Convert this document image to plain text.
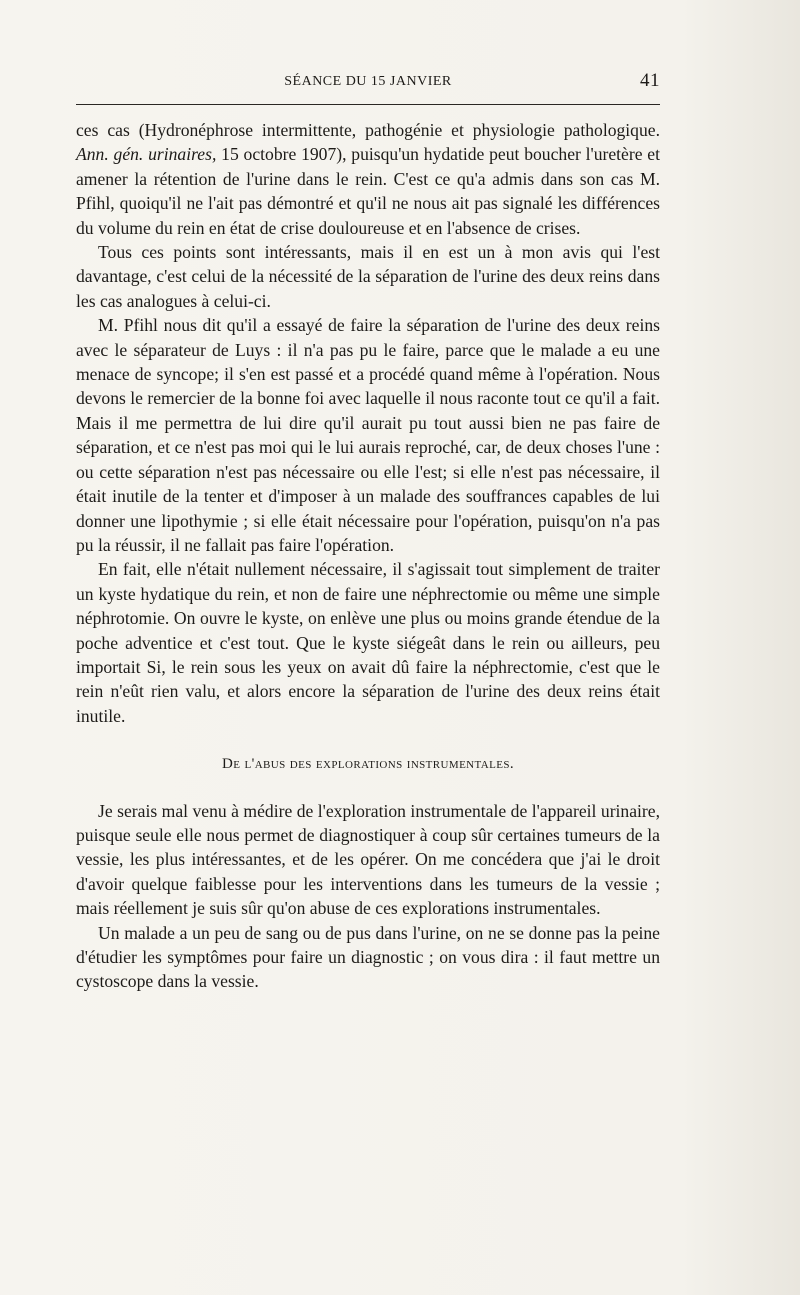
SÉANCE DU 15 JANVIER	41

ces cas (Hydronéphrose intermittente, pathogénie et physiologie pathologique. Ann. gén. urinaires, 15 octobre 1907), puisqu'un hydatide peut boucher l'uretère et amener la rétention de l'urine dans le rein. C'est ce qu'a admis dans son cas M. Pfihl, quoiqu'il ne l'ait pas démontré et qu'il ne nous ait pas signalé les différences du volume du rein en état de crise douloureuse et en l'absence de crises.

Tous ces points sont intéressants, mais il en est un à mon avis qui l'est davantage, c'est celui de la nécessité de la séparation de l'urine des deux reins dans les cas analogues à celui-ci.

M. Pfihl nous dit qu'il a essayé de faire la séparation de l'urine des deux reins avec le séparateur de Luys : il n'a pas pu le faire, parce que le malade a eu une menace de syncope; il s'en est passé et a procédé quand même à l'opération. Nous devons le remercier de la bonne foi avec laquelle il nous raconte tout ce qu'il a fait. Mais il me permettra de lui dire qu'il aurait pu tout aussi bien ne pas faire de séparation, et ce n'est pas moi qui le lui aurais reproché, car, de deux choses l'une : ou cette séparation n'est pas nécessaire ou elle l'est; si elle n'est pas nécessaire, il était inutile de la tenter et d'imposer à un malade des souffrances capables de lui donner une lipothymie ; si elle était nécessaire pour l'opération, puisqu'on n'a pas pu la réussir, il ne fallait pas faire l'opération.

En fait, elle n'était nullement nécessaire, il s'agissait tout simplement de traiter un kyste hydatique du rein, et non de faire une néphrectomie ou même une simple néphrotomie. On ouvre le kyste, on enlève une plus ou moins grande étendue de la poche adventice et c'est tout. Que le kyste siégeât dans le rein ou ailleurs, peu importait Si, le rein sous les yeux on avait dû faire la néphrectomie, c'est que le rein n'eût rien valu, et alors encore la séparation de l'urine des deux reins était inutile.

De l'abus des explorations instrumentales.

Je serais mal venu à médire de l'exploration instrumentale de l'appareil urinaire, puisque seule elle nous permet de diagnostiquer à coup sûr certaines tumeurs de la vessie, les plus intéressantes, et de les opérer. On me concédera que j'ai le droit d'avoir quelque faiblesse pour les interventions dans les tumeurs de la vessie ; mais réellement je suis sûr qu'on abuse de ces explorations instrumentales.

Un malade a un peu de sang ou de pus dans l'urine, on ne se donne pas la peine d'étudier les symptômes pour faire un diagnostic ; on vous dira : il faut mettre un cystoscope dans la vessie.
